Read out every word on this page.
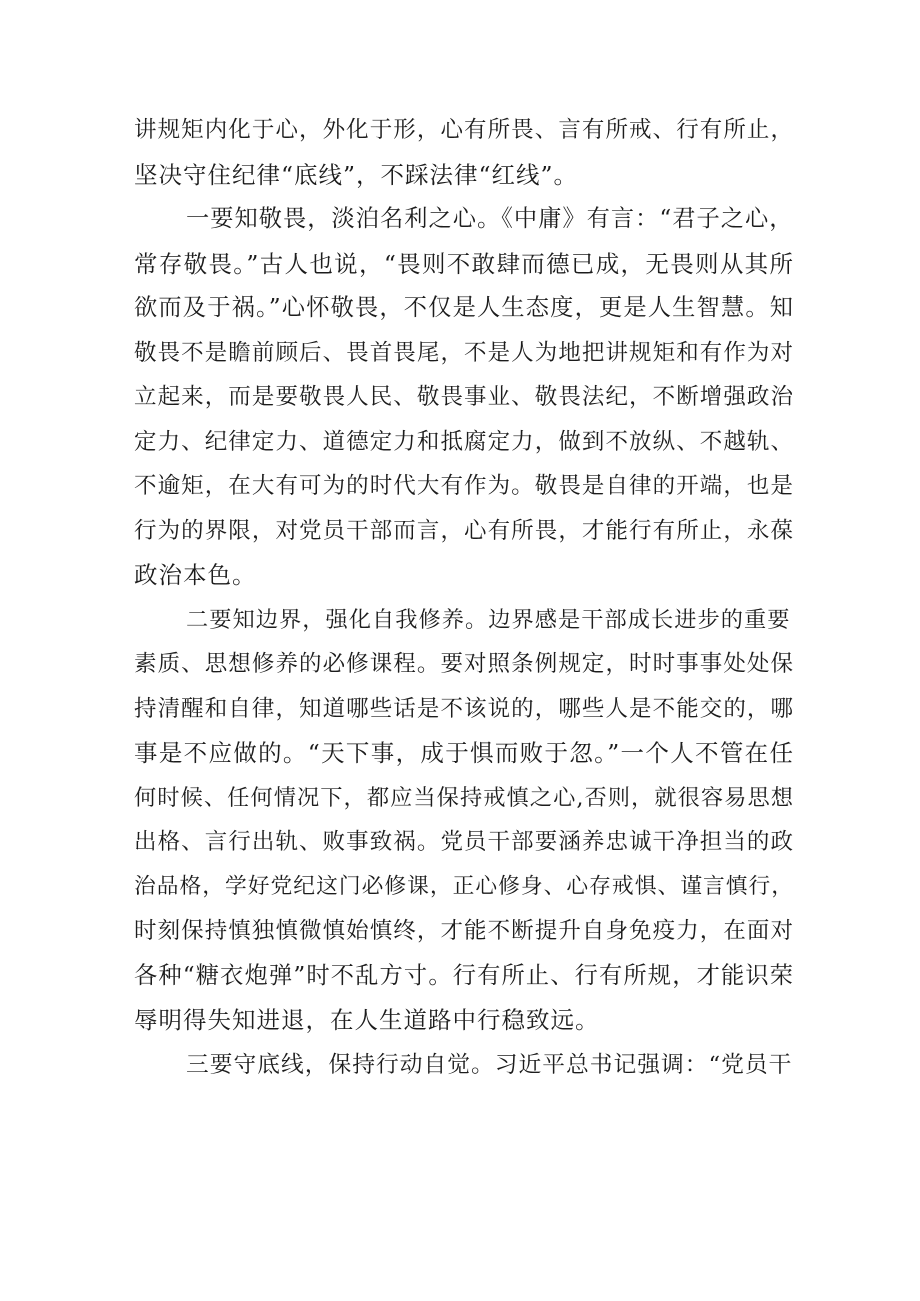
讲规矩内化于心，外化于形，心有所畏、言有所戒、行有所止，
坚决守住纪律“底线”，不踩法律“红线”。
一要知敬畏，淡泊名利之心。《中庸》有言：“君子之心，
常存敬畏。”古人也说，“畏则不敢肆而德已成，无畏则从其所
欲而及于祸。”心怀敬畏，不仅是人生态度，更是人生智慧。知
敬畏不是瞻前顾后、畏首畏尾，不是人为地把讲规矩和有作为对
立起来，而是要敬畏人民、敬畏事业、敬畏法纪，不断增强政治
定力、纪律定力、道德定力和抵腐定力，做到不放纵、不越轨、
不逾矩，在大有可为的时代大有作为。敬畏是自律的开端，也是
行为的界限，对党员干部而言，心有所畏，才能行有所止，永葆
政治本色。
二要知边界，强化自我修养。边界感是干部成长进步的重要
素质、思想修养的必修课程。要对照条例规定，时时事事处处保
持清醒和自律，知道哪些话是不该说的，哪些人是不能交的，哪
事是不应做的。“天下事，成于惧而败于忽。”一个人不管在任
何时候、任何情况下，都应当保持戒慎之心,否则，就很容易思想
出格、言行出轨、败事致祸。党员干部要涵养忠诚干净担当的政
治品格，学好党纪这门必修课，正心修身、心存戒惧、谨言慎行，
时刻保持慎独慎微慎始慎终，才能不断提升自身免疫力，在面对
各种“糖衣炮弹”时不乱方寸。行有所止、行有所规，才能识荣
辱明得失知进退，在人生道路中行稳致远。
三要守底线，保持行动自觉。习近平总书记强调：“党员干
